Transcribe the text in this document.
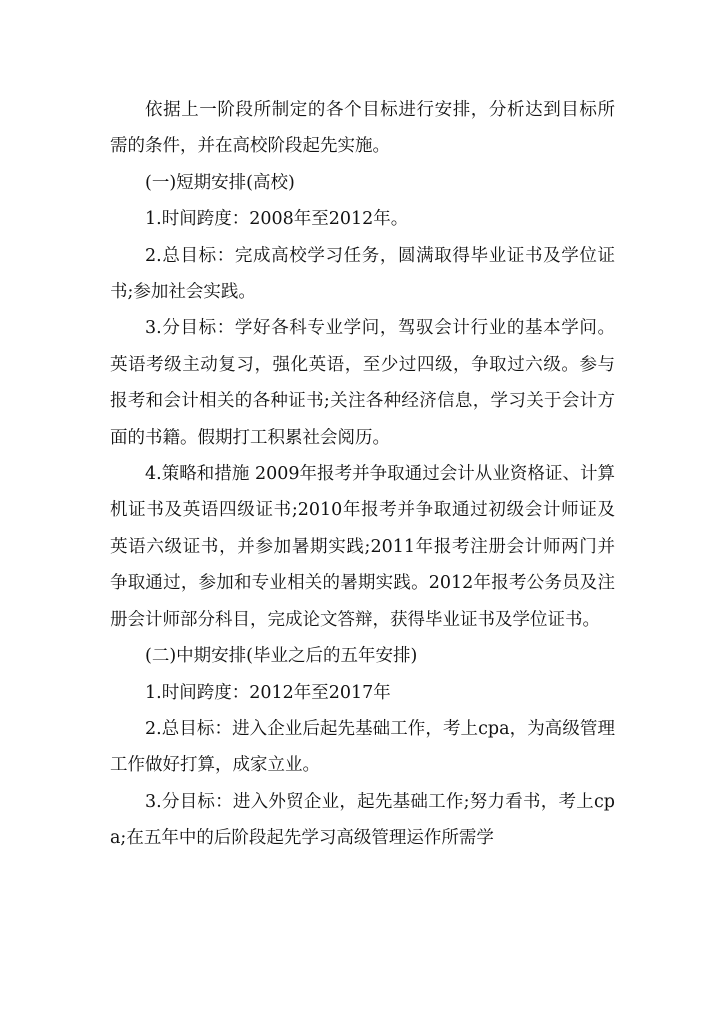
依据上一阶段所制定的各个目标进行安排，分析达到目标所需的条件，并在高校阶段起先实施。

(一)短期安排(高校)

1.时间跨度：2008年至2012年。

2.总目标：完成高校学习任务，圆满取得毕业证书及学位证书;参加社会实践。

3.分目标：学好各科专业学问，驾驭会计行业的基本学问。英语考级主动复习，强化英语，至少过四级，争取过六级。参与报考和会计相关的各种证书;关注各种经济信息，学习关于会计方面的书籍。假期打工积累社会阅历。

4.策略和措施 2009年报考并争取通过会计从业资格证、计算机证书及英语四级证书;2010年报考并争取通过初级会计师证及英语六级证书，并参加暑期实践;2011年报考注册会计师两门并争取通过，参加和专业相关的暑期实践。2012年报考公务员及注册会计师部分科目，完成论文答辩，获得毕业证书及学位证书。

(二)中期安排(毕业之后的五年安排)

1.时间跨度：2012年至2017年

2.总目标：进入企业后起先基础工作，考上cpa，为高级管理工作做好打算，成家立业。

3.分目标：进入外贸企业，起先基础工作;努力看书，考上cpa;在五年中的后阶段起先学习高级管理运作所需学
